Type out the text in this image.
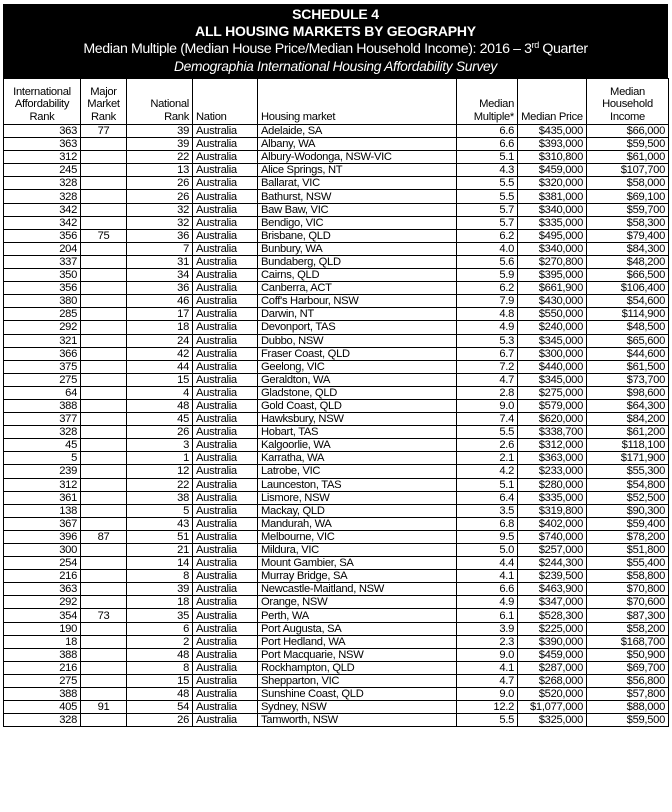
SCHEDULE 4
ALL HOUSING MARKETS BY GEOGRAPHY
Median Multiple (Median House Price/Median Household Income): 2016 – 3rd Quarter
Demographia International Housing Affordability Survey
International
Affordability
Rank	Major
Market
Rank	National
Rank	Nation	Housing market	Median
Multiple*	Median Price	Median
Household
Income
363	77	39	Australia	Adelaide, SA	6.6	$435,000	$66,000
363		39	Australia	Albany, WA	6.6	$393,000	$59,500
312		22	Australia	Albury-Wodonga, NSW-VIC	5.1	$310,800	$61,000
245		13	Australia	Alice Springs, NT	4.3	$459,000	$107,700
328		26	Australia	Ballarat, VIC	5.5	$320,000	$58,000
328		26	Australia	Bathurst, NSW	5.5	$381,000	$69,100
342		32	Australia	Baw Baw, VIC	5.7	$340,000	$59,700
342		32	Australia	Bendigo, VIC	5.7	$335,000	$58,300
356	75	36	Australia	Brisbane, QLD	6.2	$495,000	$79,400
204		7	Australia	Bunbury, WA	4.0	$340,000	$84,300
337		31	Australia	Bundaberg, QLD	5.6	$270,800	$48,200
350		34	Australia	Cairns, QLD	5.9	$395,000	$66,500
356		36	Australia	Canberra, ACT	6.2	$661,900	$106,400
380		46	Australia	Coff's Harbour, NSW	7.9	$430,000	$54,600
285		17	Australia	Darwin, NT	4.8	$550,000	$114,900
292		18	Australia	Devonport, TAS	4.9	$240,000	$48,500
321		24	Australia	Dubbo, NSW	5.3	$345,000	$65,600
366		42	Australia	Fraser Coast, QLD	6.7	$300,000	$44,600
375		44	Australia	Geelong, VIC	7.2	$440,000	$61,500
275		15	Australia	Geraldton, WA	4.7	$345,000	$73,700
64		4	Australia	Gladstone, QLD	2.8	$275,000	$98,600
388		48	Australia	Gold Coast, QLD	9.0	$579,000	$64,300
377		45	Australia	Hawksbury, NSW	7.4	$620,000	$84,200
328		26	Australia	Hobart, TAS	5.5	$338,700	$61,200
45		3	Australia	Kalgoorlie, WA	2.6	$312,000	$118,100
5		1	Australia	Karratha, WA	2.1	$363,000	$171,900
239		12	Australia	Latrobe, VIC	4.2	$233,000	$55,300
312		22	Australia	Launceston, TAS	5.1	$280,000	$54,800
361		38	Australia	Lismore, NSW	6.4	$335,000	$52,500
138		5	Australia	Mackay, QLD	3.5	$319,800	$90,300
367		43	Australia	Mandurah, WA	6.8	$402,000	$59,400
396	87	51	Australia	Melbourne, VIC	9.5	$740,000	$78,200
300		21	Australia	Mildura, VIC	5.0	$257,000	$51,800
254		14	Australia	Mount Gambier, SA	4.4	$244,300	$55,400
216		8	Australia	Murray Bridge, SA	4.1	$239,500	$58,800
363		39	Australia	Newcastle-Maitland, NSW	6.6	$463,900	$70,800
292		18	Australia	Orange, NSW	4.9	$347,000	$70,600
354	73	35	Australia	Perth, WA	6.1	$528,300	$87,300
190		6	Australia	Port Augusta, SA	3.9	$225,000	$58,200
18		2	Australia	Port Hedland, WA	2.3	$390,000	$168,700
388		48	Australia	Port Macquarie, NSW	9.0	$459,000	$50,900
216		8	Australia	Rockhampton, QLD	4.1	$287,000	$69,700
275		15	Australia	Shepparton, VIC	4.7	$268,000	$56,800
388		48	Australia	Sunshine Coast, QLD	9.0	$520,000	$57,800
405	91	54	Australia	Sydney, NSW	12.2	$1,077,000	$88,000
328		26	Australia	Tamworth, NSW	5.5	$325,000	$59,500
